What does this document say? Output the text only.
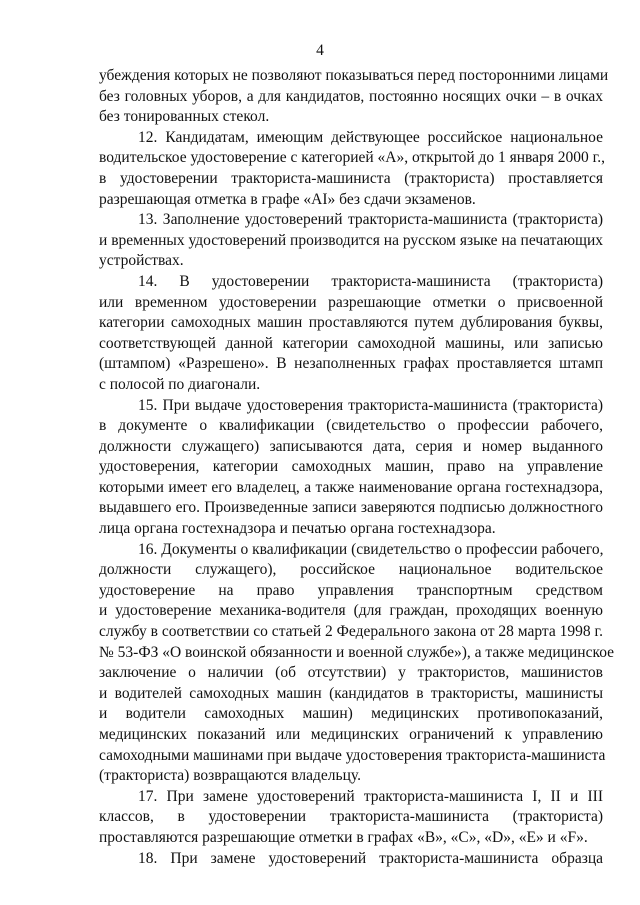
4
убеждения которых не позволяют показываться перед посторонними лицами
без головных уборов, а для кандидатов, постоянно носящих очки – в очках
без тонированных стекол.
12. Кандидатам, имеющим действующее российское национальное
водительское удостоверение с категорией «А», открытой до 1 января 2000 г.,
в удостоверении тракториста-машиниста (тракториста) проставляется
разрешающая отметка в графе «AI» без сдачи экзаменов.
13. Заполнение удостоверений тракториста-машиниста (тракториста)
и временных удостоверений производится на русском языке на печатающих
устройствах.
14. В удостоверении тракториста-машиниста (тракториста)
или временном удостоверении разрешающие отметки о присвоенной
категории самоходных машин проставляются путем дублирования буквы,
соответствующей данной категории самоходной машины, или записью
(штампом) «Разрешено». В незаполненных графах проставляется штамп
с полосой по диагонали.
15. При выдаче удостоверения тракториста-машиниста (тракториста)
в документе о квалификации (свидетельство о профессии рабочего,
должности служащего) записываются дата, серия и номер выданного
удостоверения, категории самоходных машин, право на управление
которыми имеет его владелец, а также наименование органа гостехнадзора,
выдавшего его. Произведенные записи заверяются подписью должностного
лица органа гостехнадзора и печатью органа гостехнадзора.
16. Документы о квалификации (свидетельство о профессии рабочего,
должности служащего), российское национальное водительское
удостоверение на право управления транспортным средством
и удостоверение механика-водителя (для граждан, проходящих военную
службу в соответствии со статьей 2 Федерального закона от 28 марта 1998 г.
№ 53-ФЗ «О воинской обязанности и военной службе»), а также медицинское
заключение о наличии (об отсутствии) у трактористов, машинистов
и водителей самоходных машин (кандидатов в трактористы, машинисты
и водители самоходных машин) медицинских противопоказаний,
медицинских показаний или медицинских ограничений к управлению
самоходными машинами при выдаче удостоверения тракториста-машиниста
(тракториста) возвращаются владельцу.
17. При замене удостоверений тракториста-машиниста I, II и III
классов, в удостоверении тракториста-машиниста (тракториста)
проставляются разрешающие отметки в графах «B», «C», «D», «E» и «F».
18. При замене удостоверений тракториста-машиниста образца
